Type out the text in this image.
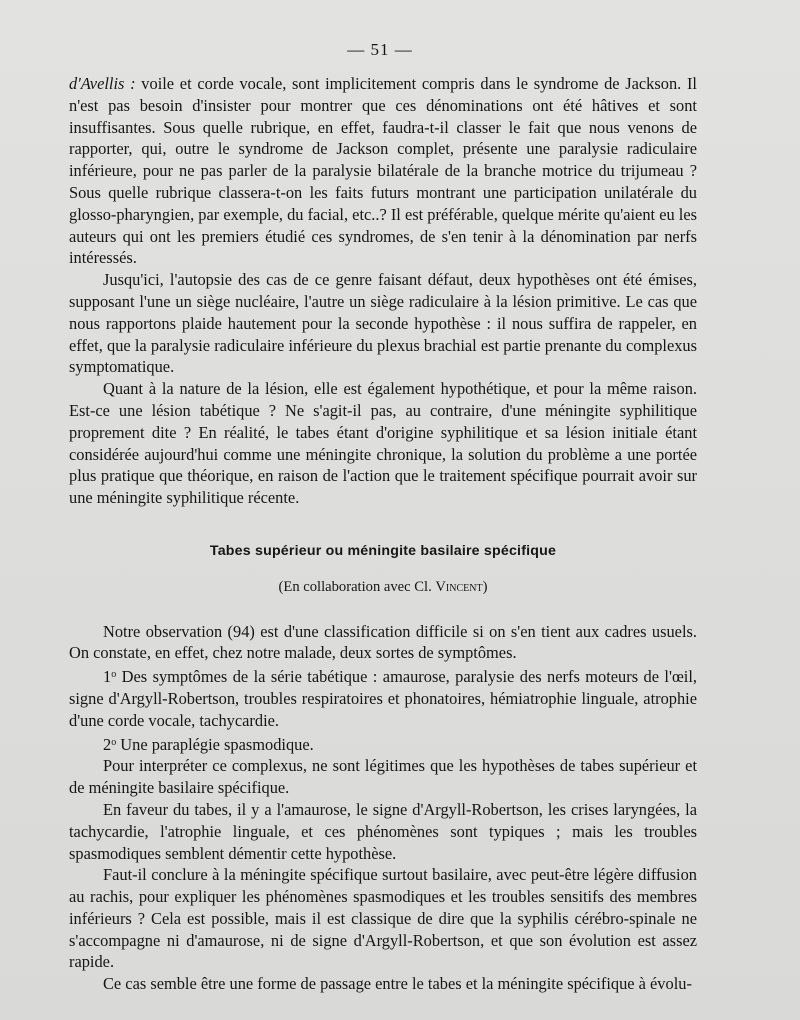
— 51 —

d'Avellis : voile et corde vocale, sont implicitement compris dans le syndrome de Jackson. Il n'est pas besoin d'insister pour montrer que ces dénominations ont été hâtives et sont insuffisantes. Sous quelle rubrique, en effet, faudra-t-il classer le fait que nous venons de rapporter, qui, outre le syndrome de Jackson complet, présente une paralysie radiculaire inférieure, pour ne pas parler de la paralysie bilatérale de la branche motrice du trijumeau ? Sous quelle rubrique classera-t-on les faits futurs montrant une participation unilatérale du glosso-pharyngien, par exemple, du facial, etc..? Il est préférable, quelque mérite qu'aient eu les auteurs qui ont les premiers étudié ces syndromes, de s'en tenir à la dénomination par nerfs intéressés.

Jusqu'ici, l'autopsie des cas de ce genre faisant défaut, deux hypothèses ont été émises, supposant l'une un siège nucléaire, l'autre un siège radiculaire à la lésion primitive. Le cas que nous rapportons plaide hautement pour la seconde hypothèse : il nous suffira de rappeler, en effet, que la paralysie radiculaire inférieure du plexus brachial est partie prenante du complexus symptomatique.

Quant à la nature de la lésion, elle est également hypothétique, et pour la même raison. Est-ce une lésion tabétique ? Ne s'agit-il pas, au contraire, d'une méningite syphilitique proprement dite ? En réalité, le tabes étant d'origine syphilitique et sa lésion initiale étant considérée aujourd'hui comme une méningite chronique, la solution du problème a une portée plus pratique que théorique, en raison de l'action que le traitement spécifique pourrait avoir sur une méningite syphilitique récente.

Tabes supérieur ou méningite basilaire spécifique
(En collaboration avec Cl. Vincent)

Notre observation (94) est d'une classification difficile si on s'en tient aux cadres usuels. On constate, en effet, chez notre malade, deux sortes de symptômes.

1$^o$ Des symptômes de la série tabétique : amaurose, paralysie des nerfs moteurs de l'œil, signe d'Argyll-Robertson, troubles respiratoires et phonatoires, hémiatrophie linguale, atrophie d'une corde vocale, tachycardie.

2$^o$ Une paraplégie spasmodique.

Pour interpréter ce complexus, ne sont légitimes que les hypothèses de tabes supérieur et de méningite basilaire spécifique.

En faveur du tabes, il y a l'amaurose, le signe d'Argyll-Robertson, les crises laryngées, la tachycardie, l'atrophie linguale, et ces phénomènes sont typiques ; mais les troubles spasmodiques semblent démentir cette hypothèse.

Faut-il conclure à la méningite spécifique surtout basilaire, avec peut-être légère diffusion au rachis, pour expliquer les phénomènes spasmodiques et les troubles sensitifs des membres inférieurs ? Cela est possible, mais il est classique de dire que la syphilis cérébro-spinale ne s'accompagne ni d'amaurose, ni de signe d'Argyll-Robertson, et que son évolution est assez rapide.

Ce cas semble être une forme de passage entre le tabes et la méningite spécifique à évolu-
